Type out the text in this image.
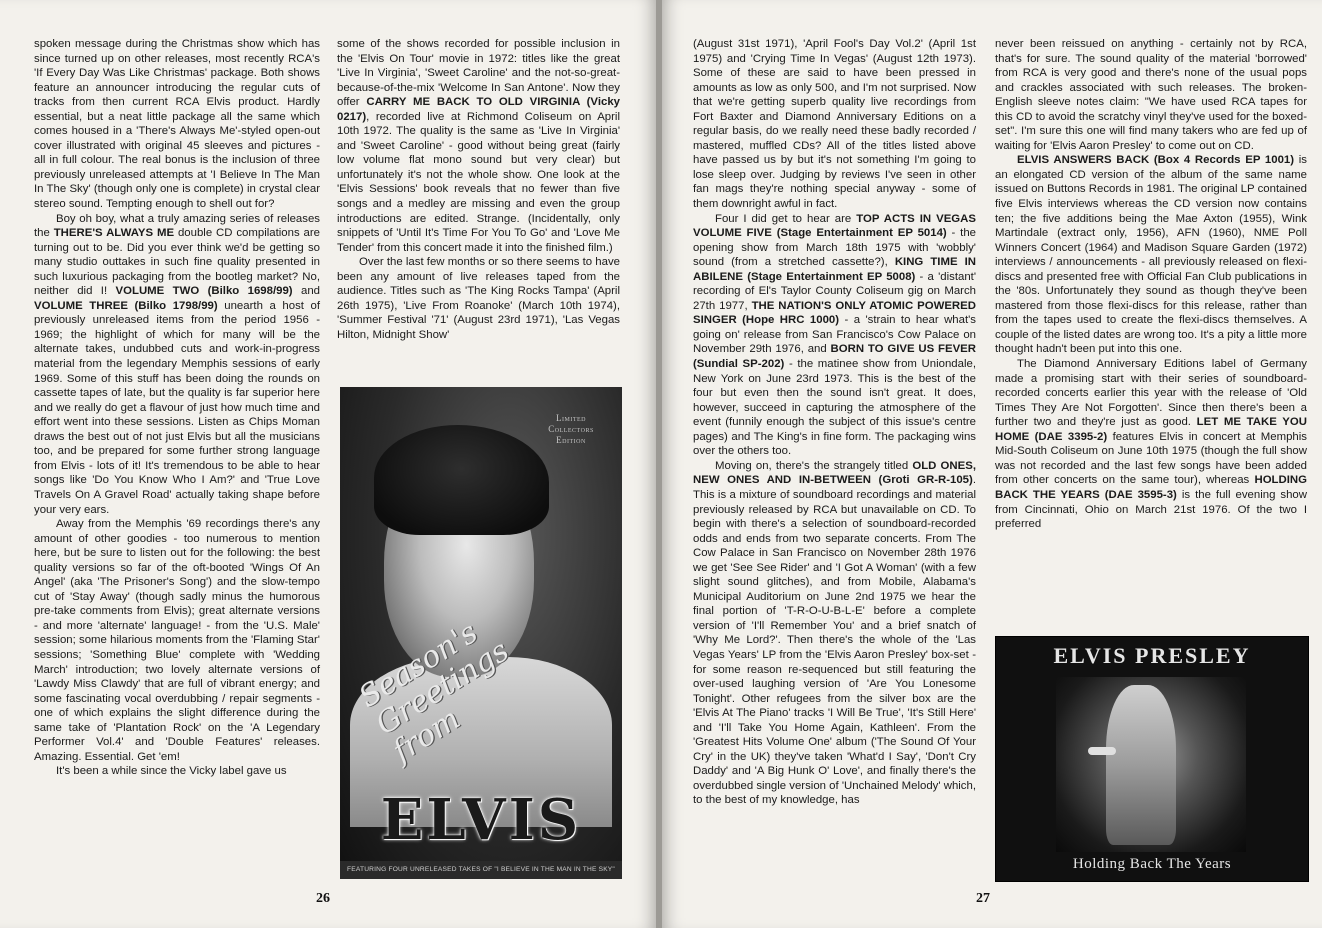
spoken message during the Christmas show which has since turned up on other releases, most recently RCA's 'If Every Day Was Like Christmas' package. Both shows feature an announcer introducing the regular cuts of tracks from then current RCA Elvis product. Hardly essential, but a neat little package all the same which comes housed in a 'There's Always Me'-styled open-out cover illustrated with original 45 sleeves and pictures - all in full colour. The real bonus is the inclusion of three previously unreleased attempts at 'I Believe In The Man In The Sky' (though only one is complete) in crystal clear stereo sound. Tempting enough to shell out for?

Boy oh boy, what a truly amazing series of releases the THERE'S ALWAYS ME double CD compilations are turning out to be. Did you ever think we'd be getting so many studio outtakes in such fine quality presented in such luxurious packaging from the bootleg market? No, neither did I! VOLUME TWO (Bilko 1698/99) and VOLUME THREE (Bilko 1798/99) unearth a host of previously unreleased items from the period 1956 - 1969; the highlight of which for many will be the alternate takes, undubbed cuts and work-in-progress material from the legendary Memphis sessions of early 1969. Some of this stuff has been doing the rounds on cassette tapes of late, but the quality is far superior here and we really do get a flavour of just how much time and effort went into these sessions. Listen as Chips Moman draws the best out of not just Elvis but all the musicians too, and be prepared for some further strong language from Elvis - lots of it! It's tremendous to be able to hear songs like 'Do You Know Who I Am?' and 'True Love Travels On A Gravel Road' actually taking shape before your very ears.

Away from the Memphis '69 recordings there's any amount of other goodies - too numerous to mention here, but be sure to listen out for the following: the best quality versions so far of the oft-booted 'Wings Of An Angel' (aka 'The Prisoner's Song') and the slow-tempo cut of 'Stay Away' (though sadly minus the humorous pre-take comments from Elvis); great alternate versions - and more 'alternate' language! - from the 'U.S. Male' session; some hilarious moments from the 'Flaming Star' sessions; 'Something Blue' complete with 'Wedding March' introduction; two lovely alternate versions of 'Lawdy Miss Clawdy' that are full of vibrant energy; and some fascinating vocal overdubbing / repair segments - one of which explains the slight difference during the same take of 'Plantation Rock' on the 'A Legendary Performer Vol.4' and 'Double Features' releases. Amazing. Essential. Get 'em!

It's been a while since the Vicky label gave us

some of the shows recorded for possible inclusion in the 'Elvis On Tour' movie in 1972: titles like the great 'Live In Virginia', 'Sweet Caroline' and the not-so-great-because-of-the-mix 'Welcome In San Antone'. Now they offer CARRY ME BACK TO OLD VIRGINIA (Vicky 0217), recorded live at Richmond Coliseum on April 10th 1972. The quality is the same as 'Live In Virginia' and 'Sweet Caroline' - good without being great (fairly low volume flat mono sound but very clear) but unfortunately it's not the whole show. One look at the 'Elvis Sessions' book reveals that no fewer than five songs and a medley are missing and even the group introductions are edited. Strange. (Incidentally, only snippets of 'Until It's Time For You To Go' and 'Love Me Tender' from this concert made it into the finished film.)

Over the last few months or so there seems to have been any amount of live releases taped from the audience. Titles such as 'The King Rocks Tampa' (April 26th 1975), 'Live From Roanoke' (March 10th 1974), 'Summer Festival '71' (August 23rd 1971), 'Las Vegas Hilton, Midnight Show'

Limited Collectors Edition
Season's
Greetings from
ELVIS
FEATURING FOUR UNRELEASED TAKES OF "I BELIEVE IN THE MAN IN THE SKY"
26	27

(August 31st 1971), 'April Fool's Day Vol.2' (April 1st 1975) and 'Crying Time In Vegas' (August 12th 1973). Some of these are said to have been pressed in amounts as low as only 500, and I'm not surprised. Now that we're getting superb quality live recordings from Fort Baxter and Diamond Anniversary Editions on a regular basis, do we really need these badly recorded / mastered, muffled CDs? All of the titles listed above have passed us by but it's not something I'm going to lose sleep over. Judging by reviews I've seen in other fan mags they're nothing special anyway - some of them downright awful in fact.

Four I did get to hear are TOP ACTS IN VEGAS VOLUME FIVE (Stage Entertainment EP 5014) - the opening show from March 18th 1975 with 'wobbly' sound (from a stretched cassette?), KING TIME IN ABILENE (Stage Entertainment EP 5008) - a 'distant' recording of El's Taylor County Coliseum gig on March 27th 1977, THE NATION'S ONLY ATOMIC POWERED SINGER (Hope HRC 1000) - a 'strain to hear what's going on' release from San Francisco's Cow Palace on November 29th 1976, and BORN TO GIVE US FEVER (Sundial SP-202) - the matinee show from Uniondale, New York on June 23rd 1973. This is the best of the four but even then the sound isn't great. It does, however, succeed in capturing the atmosphere of the event (funnily enough the subject of this issue's centre pages) and The King's in fine form. The packaging wins over the others too.

Moving on, there's the strangely titled OLD ONES, NEW ONES AND IN-BETWEEN (Groti GR-R-105). This is a mixture of soundboard recordings and material previously released by RCA but unavailable on CD. To begin with there's a selection of soundboard-recorded odds and ends from two separate concerts. From The Cow Palace in San Francisco on November 28th 1976 we get 'See See Rider' and 'I Got A Woman' (with a few slight sound glitches), and from Mobile, Alabama's Municipal Auditorium on June 2nd 1975 we hear the final portion of 'T-R-O-U-B-L-E' before a complete version of 'I'll Remember You' and a brief snatch of 'Why Me Lord?'. Then there's the whole of the 'Las Vegas Years' LP from the 'Elvis Aaron Presley' box-set - for some reason re-sequenced but still featuring the over-used laughing version of 'Are You Lonesome Tonight'. Other refugees from the silver box are the 'Elvis At The Piano' tracks 'I Will Be True', 'It's Still Here' and 'I'll Take You Home Again, Kathleen'. From the 'Greatest Hits Volume One' album ('The Sound Of Your Cry' in the UK) they've taken 'What'd I Say', 'Don't Cry Daddy' and 'A Big Hunk O' Love', and finally there's the overdubbed single version of 'Unchained Melody' which, to the best of my knowledge, has

never been reissued on anything - certainly not by RCA, that's for sure. The sound quality of the material 'borrowed' from RCA is very good and there's none of the usual pops and crackles associated with such releases. The broken-English sleeve notes claim: "We have used RCA tapes for this CD to avoid the scratchy vinyl they've used for the boxed-set". I'm sure this one will find many takers who are fed up of waiting for 'Elvis Aaron Presley' to come out on CD.

ELVIS ANSWERS BACK (Box 4 Records EP 1001) is an elongated CD version of the album of the same name issued on Buttons Records in 1981. The original LP contained five Elvis interviews whereas the CD version now contains ten; the five additions being the Mae Axton (1955), Wink Martindale (extract only, 1956), AFN (1960), NME Poll Winners Concert (1964) and Madison Square Garden (1972) interviews / announcements - all previously released on flexi-discs and presented free with Official Fan Club publications in the '80s. Unfortunately they sound as though they've been mastered from those flexi-discs for this release, rather than from the tapes used to create the flexi-discs themselves. A couple of the listed dates are wrong too. It's a pity a little more thought hadn't been put into this one.

The Diamond Anniversary Editions label of Germany made a promising start with their series of soundboard-recorded concerts earlier this year with the release of 'Old Times They Are Not Forgotten'. Since then there's been a further two and they're just as good. LET ME TAKE YOU HOME (DAE 3395-2) features Elvis in concert at Memphis Mid-South Coliseum on June 10th 1975 (though the full show was not recorded and the last few songs have been added from other concerts on the same tour), whereas HOLDING BACK THE YEARS (DAE 3595-3) is the full evening show from Cincinnati, Ohio on March 21st 1976. Of the two I preferred

ELVIS PRESLEY
Holding Back The Years
